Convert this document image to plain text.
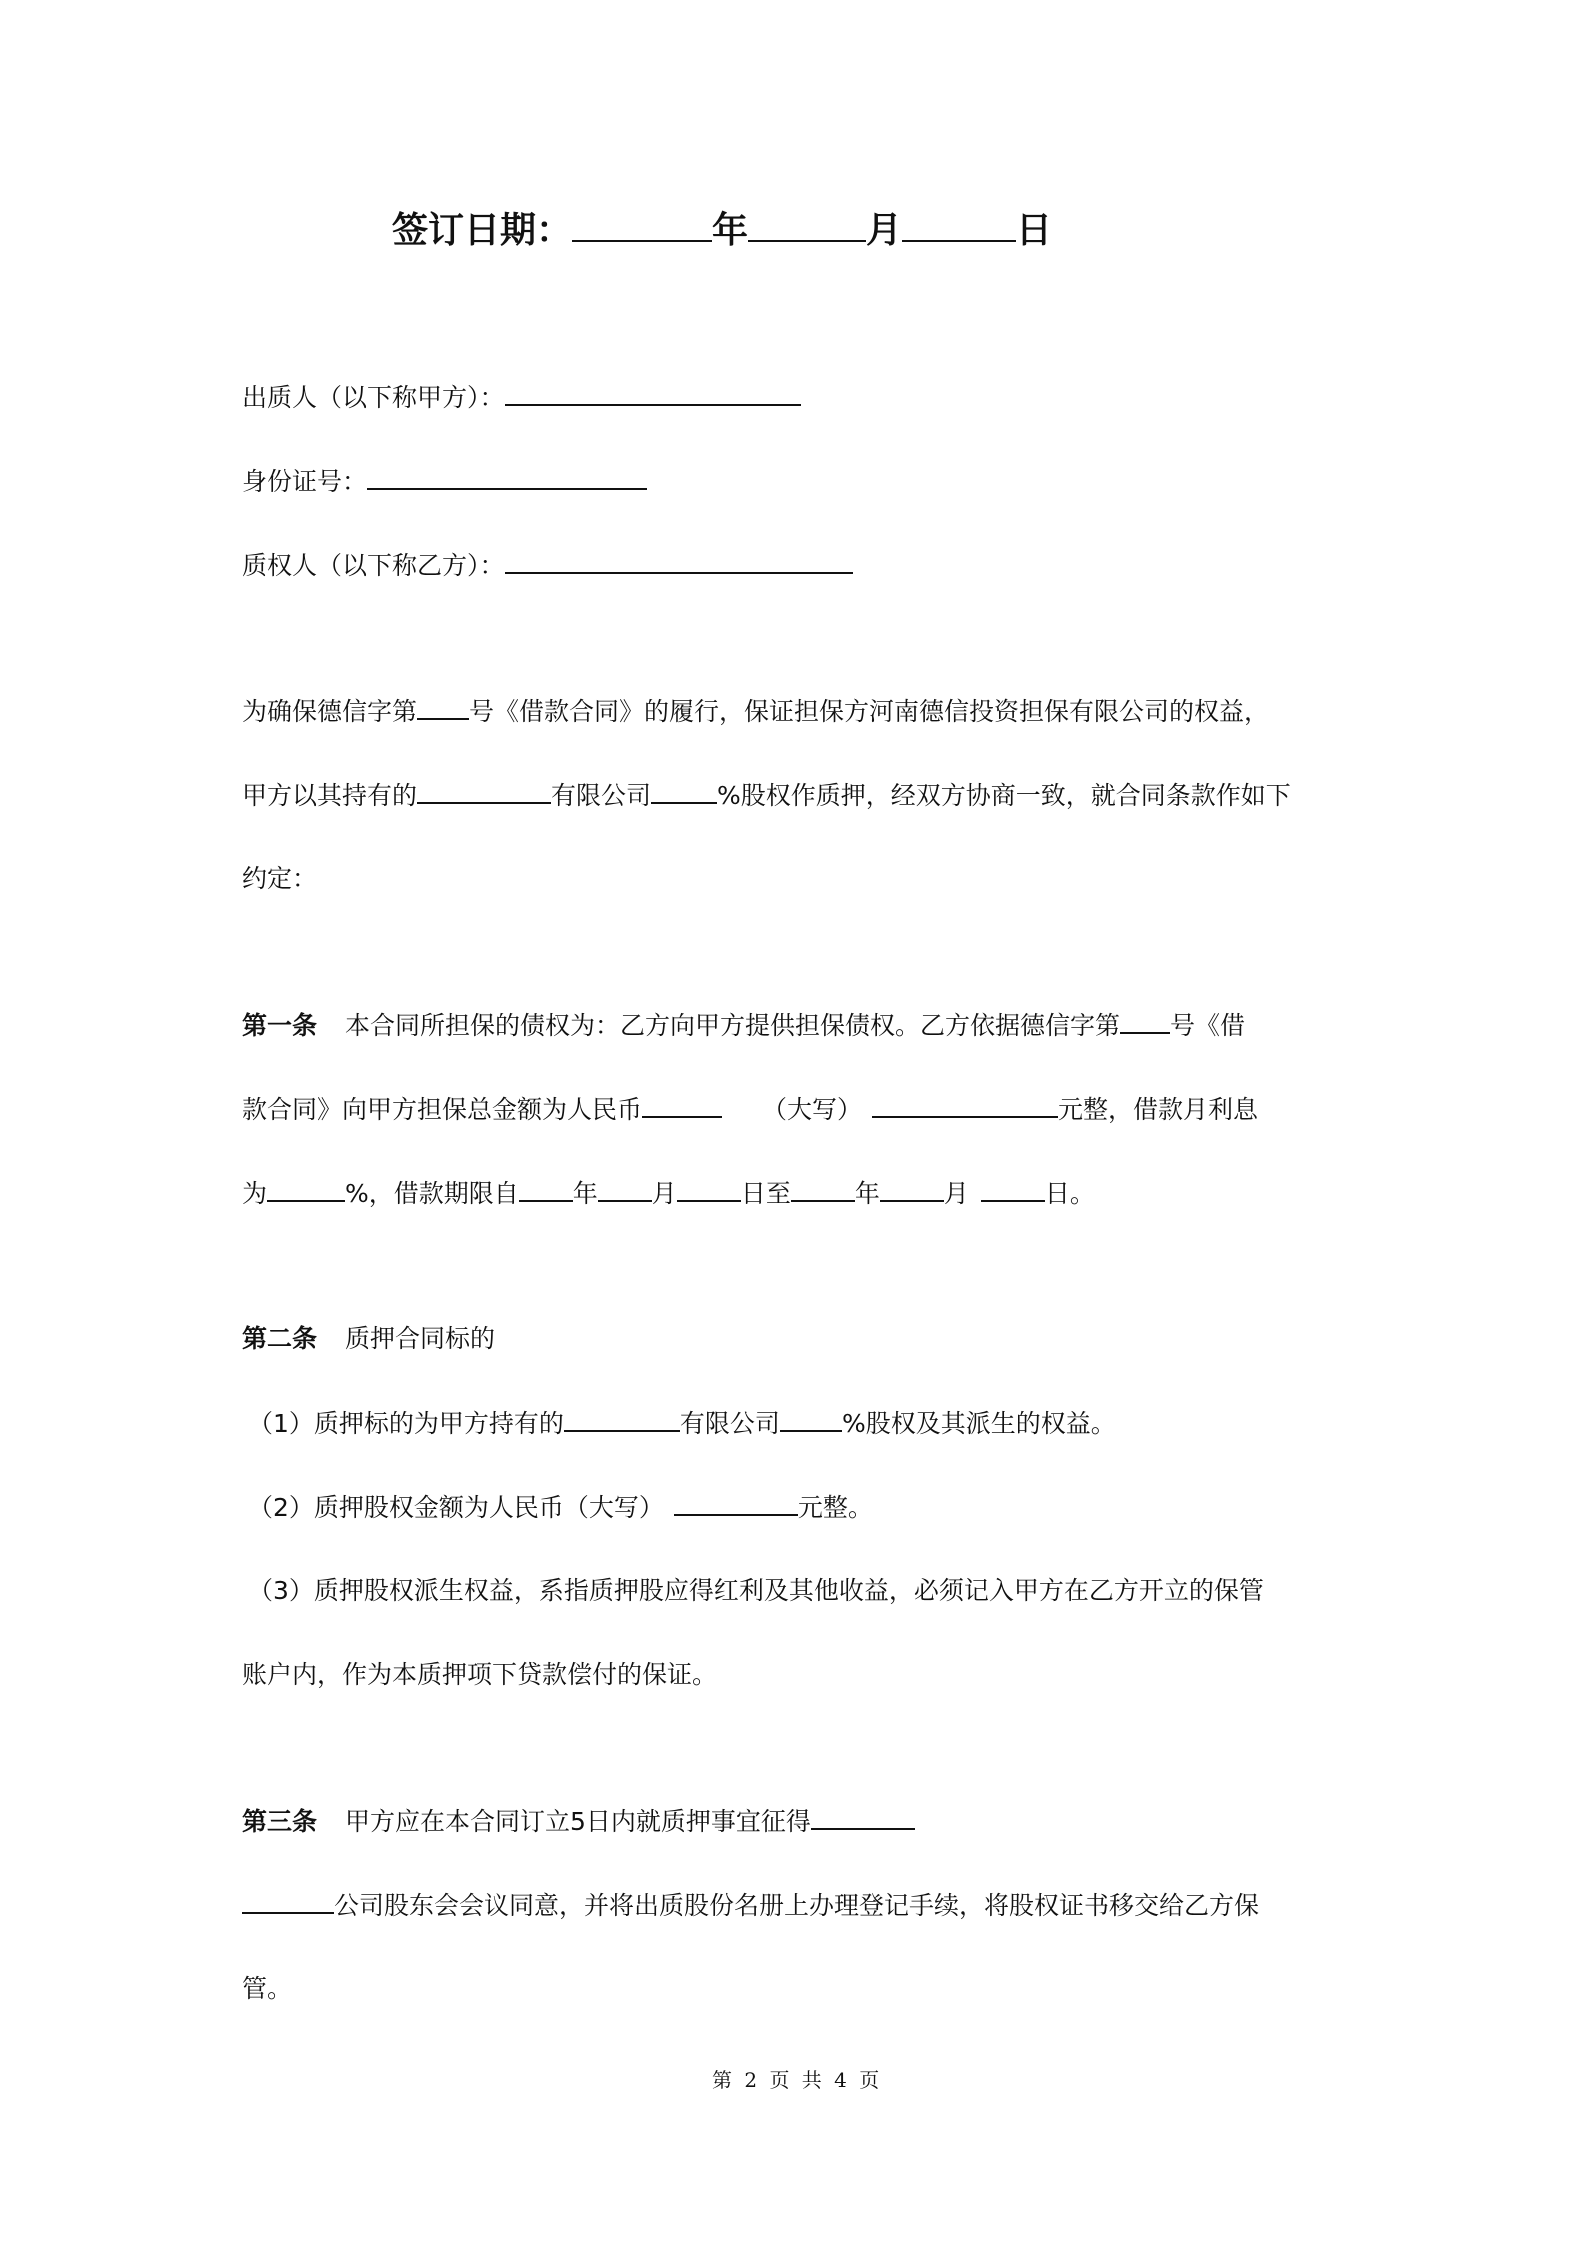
签订日期：	年	月	日
出质人（以下称甲方）：
身份证号：
质权人（以下称乙方）：
为确保德信字第 号《借款合同》的履行，保证担保方河南德信投资担保有限公司的权益，
甲方以其持有的	有限公司	%股权作质押，经双方协商一致，就合同条款作如下
约定：
第一条 本合同所担保的债权为：乙方向甲方提供担保债权。乙方依据德信字第 号《借
款合同》向甲方担保总金额为人民币	（大写）	元整，借款月利息
为	%，借款期限自 年 月	日至	年	月	日。
第二条 质押合同标的
（1）质押标的为甲方持有的	有限公司 %股权及其派生的权益。
（2）质押股权金额为人民币（大写）	元整。
（3）质押股权派生权益，系指质押股应得红利及其他收益，必须记入甲方在乙方开立的保管
账户内，作为本质押项下贷款偿付的保证。
第三条 甲方应在本合同订立5日内就质押事宜征得
公司股东会会议同意，并将出质股份名册上办理登记手续，将股权证书移交给乙方保
管。
第 2 页 共 4 页
